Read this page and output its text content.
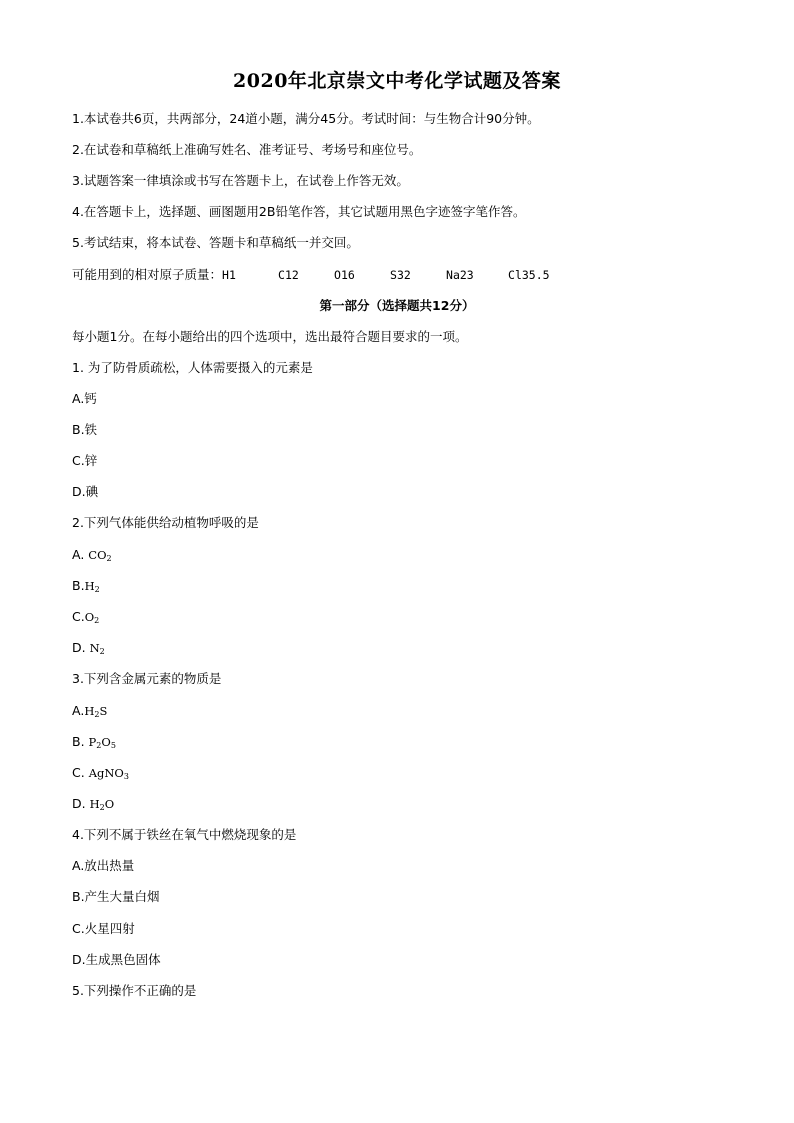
2020年北京崇文中考化学试题及答案
1.本试卷共6页，共两部分，24道小题，满分45分。考试时间：与生物合计90分钟。
2.在试卷和草稿纸上准确写姓名、准考证号、考场号和座位号。
3.试题答案一律填涂或书写在答题卡上，在试卷上作答无效。
4.在答题卡上，选择题、画图题用2B铅笔作答，其它试题用黑色字迹签字笔作答。
5.考试结束，将本试卷、答题卡和草稿纸一并交回。
可能用到的相对原子质量：H1	C12	O16	S32	Na23	Cl35.5
第一部分（选择题共12分）
每小题1分。在每小题给出的四个选项中，选出最符合题目要求的一项。
1. 为了防骨质疏松，人体需要摄入的元素是
A.钙
B.铁
C.锌
D.碘
2.下列气体能供给动植物呼吸的是
A. $CO_2$
$B.H_2$
$C.O_2$
D. $N_2$
3.下列含金属元素的物质是
$A.H_2S$
B. $P_2O_5$
C. AgNO$_3$
D. $H_2O$
4.下列不属于铁丝在氧气中燃烧现象的是
A.放出热量
B.产生大量白烟
C.火星四射
D.生成黑色固体
5.下列操作不正确的是
